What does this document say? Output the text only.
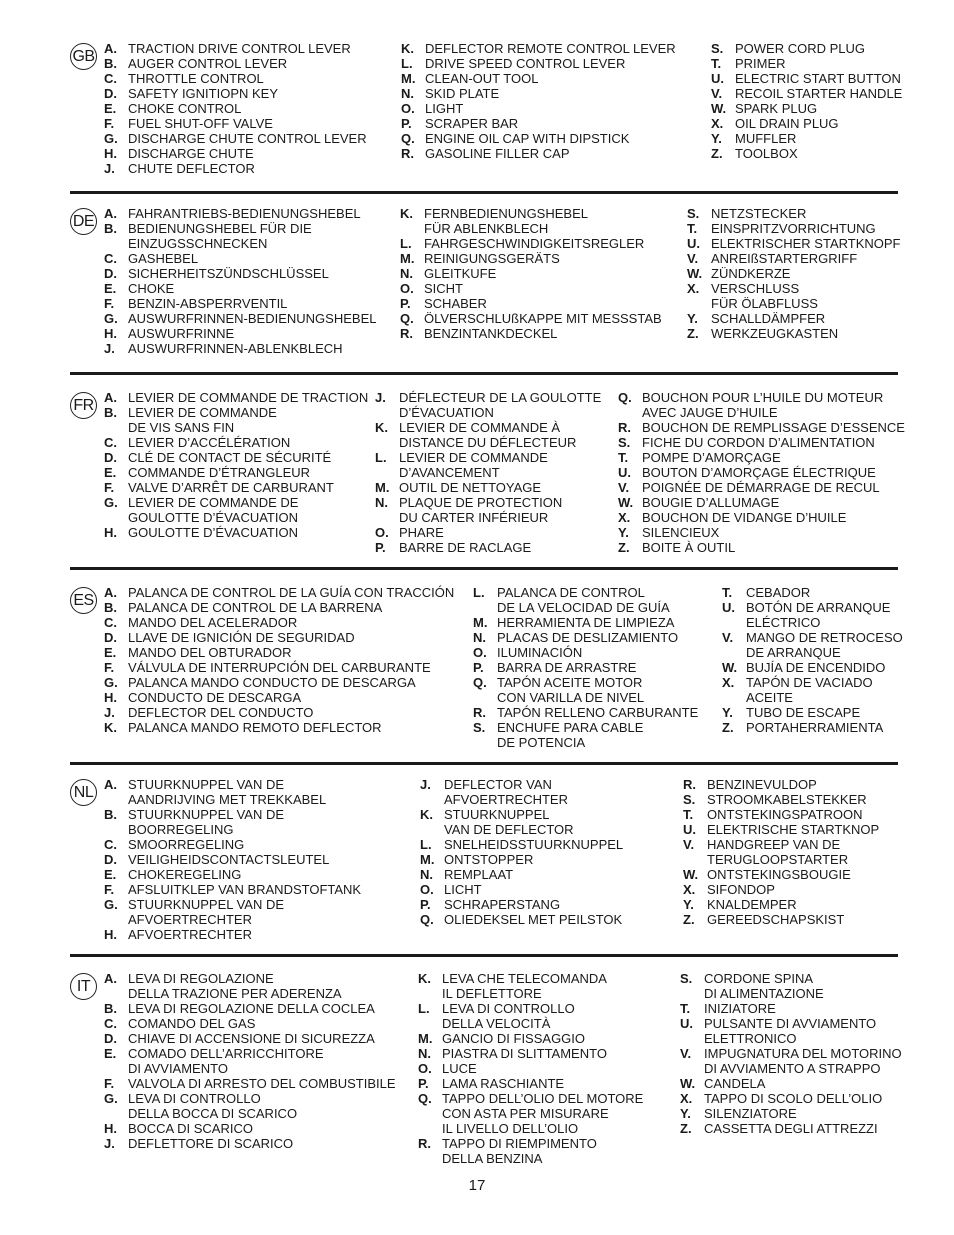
GB A. TRACTION DRIVE CONTROL LEVER
B. AUGER CONTROL LEVER
C. THROTTLE CONTROL
D. SAFETY IGNITIOPN KEY
E. CHOKE CONTROL
F.	FUEL SHUT-OFF VALVE
G. DISCHARGE CHUTE CONTROL LEVER
H. DISCHARGE CHUTE
J.	CHUTE DEFLECTOR
K. DEFLECTOR REMOTE CONTROL LEVER
L. DRIVE SPEED CONTROL LEVER
M. CLEAN-OUT TOOL
N. SKID PLATE
O. LIGHT
P.	SCRAPER BAR
Q. ENGINE OIL CAP WITH DIPSTICK
R. GASOLINE FILLER CAP
S. POWER CORD PLUG
T.	PRIMER
U. ELECTRIC START BUTTON
V. RECOIL STARTER HANDLE
W. SPARK PLUG
X. OIL DRAIN PLUG
Y.	MUFFLER
Z. TOOLBOX
DE A. FAHRANTRIEBS-BEDIENUNGSHEBEL
B. BEDIENUNGSHEBEL FÜR DIE
EINZUGSSCHNECKEN
C. GASHEBEL
D. SICHERHEITSZÜNDSCHLÜSSEL
E. CHOKE
F.	BENZIN-ABSPERRVENTIL
G. AUSWURFRINNEN-BEDIENUNGSHEBEL
H. AUSWURFRINNE
J.	AUSWURFRINNEN-ABLENKBLECH
K. FERNBEDIENUNGSHEBEL
FÜR ABLENKBLECH
L. FAHRGESCHWINDIGKEITSREGLER
M. REINIGUNGSGERÄTS
N. GLEITKUFE
O. SICHT
P.	SCHABER
Q. ÖLVERSCHLUßKAPPE MIT MESSSTAB
R. BENZINTANKDECKEL
S. NETZSTECKER
T.	EINSPRITZVORRICHTUNG
U. ELEKTRISCHER STARTKNOPF
V. ANREIßSTARTERGRIFF
W. ZÜNDKERZE
X. VERSCHLUSS
FÜR ÖLABFLUSS
Y.	SCHALLDÄMPFER
Z. WERKZEUGKASTEN
FR A. LEVIER DE COMMANDE DE TRACTION
B. LEVIER DE COMMANDE
DE VIS SANS FIN
C. LEVIER D’ACCÉLÉRATION
D. CLÉ DE CONTACT DE SÉCURITÉ
E. COMMANDE D’ÉTRANGLEUR
F.	VALVE D’ARRÊT DE CARBURANT
G. LEVIER DE COMMANDE DE
GOULOTTE D’ÉVACUATION
H. GOULOTTE D’ÉVACUATION
J.	DÉFLECTEUR DE LA GOULOTTE
D’ÉVACUATION
K. LEVIER DE COMMANDE À
DISTANCE DU DÉFLECTEUR
L. LEVIER DE COMMANDE
D’AVANCEMENT
M. OUTIL DE NETTOYAGE
N. PLAQUE DE PROTECTION
DU CARTER INFÉRIEUR
O. PHARE
P.	BARRE DE RACLAGE
Q. BOUCHON POUR L’HUILE DU MOTEUR
AVEC JAUGE D’HUILE
R. BOUCHON DE REMPLISSAGE D’ESSENCE
S. FICHE DU CORDON D’ALIMENTATION
T.	POMPE D’AMORÇAGE
U. BOUTON D’AMORÇAGE ÉLECTRIQUE
V. POIGNÉE DE DÉMARRAGE DE RECUL
W. BOUGIE D’ALLUMAGE
X. BOUCHON DE VIDANGE D’HUILE
Y.	SILENCIEUX
Z. BOITE À OUTIL
ES A. PALANCA DE CONTROL DE LA GUÍA CON TRACCIÓN
B. PALANCA DE CONTROL DE LA BARRENA
C. MANDO DEL ACELERADOR
D. LLAVE DE IGNICIÓN DE SEGURIDAD
E. MANDO DEL OBTURADOR
F.	VÁLVULA DE INTERRUPCIÓN DEL CARBURANTE
G. PALANCA MANDO CONDUCTO DE DESCARGA
H. CONDUCTO DE DESCARGA
J.	DEFLECTOR DEL CONDUCTO
K. PALANCA MANDO REMOTO DEFLECTOR
L. PALANCA DE CONTROL
DE LA VELOCIDAD DE GUÍA
M. HERRAMIENTA DE LIMPIEZA
N. PLACAS DE DESLIZAMIENTO
O. ILUMINACIÓN
P.	BARRA DE ARRASTRE
Q. TAPÓN ACEITE MOTOR
CON VARILLA DE NIVEL
R. TAPÓN RELLENO CARBURANTE
S. ENCHUFE PARA CABLE
DE POTENCIA
T.	CEBADOR
U. BOTÓN DE ARRANQUE
ELÉCTRICO
V. MANGO DE RETROCESO
DE ARRANQUE
W. BUJÍA DE ENCENDIDO
X. TAPÓN DE VACIADO
ACEITE
Y.	TUBO DE ESCAPE
Z. PORTAHERRAMIENTA
NL A. STUURKNUPPEL VAN DE
AANDRIJVING MET TREKKABEL
B. STUURKNUPPEL VAN DE
BOORREGELING
C. SMOORREGELING
D. VEILIGHEIDSCONTACTSLEUTEL
E. CHOKEREGELING
F.	AFSLUITKLEP VAN BRANDSTOFTANK
G. STUURKNUPPEL VAN DE
AFVOERTRECHTER
H. AFVOERTRECHTER
J.	DEFLECTOR VAN
AFVOERTRECHTER
K. STUURKNUPPEL
VAN DE DEFLECTOR
L. SNELHEIDSSTUURKNUPPEL
M. ONTSTOPPER
N. REMPLAAT
O. LICHT
P.	SCHRAPERSTANG
Q. OLIEDEKSEL MET PEILSTOK
R. BENZINEVULDOP
S. STROOMKABELSTEKKER
T.	ONTSTEKINGSPATROON
U. ELEKTRISCHE STARTKNOP
V. HANDGREEP VAN DE
TERUGLOOPSTARTER
W. ONTSTEKINGSBOUGIE
X. SIFONDOP
Y.	KNALDEMPER
Z. GEREEDSCHAPSKIST
IT	A. LEVA DI REGOLAZIONE
DELLA TRAZIONE PER ADERENZA
B. LEVA DI REGOLAZIONE DELLA COCLEA
C. COMANDO DEL GAS
D. CHIAVE DI ACCENSIONE DI SICUREZZA
E. COMADO DELL’ARRICCHITORE
DI AVVIAMENTO
F.	VALVOLA DI ARRESTO DEL COMBUSTIBILE
G. LEVA DI CONTROLLO
DELLA BOCCA DI SCARICO
H. BOCCA DI SCARICO
J.	DEFLETTORE DI SCARICO
K. LEVA CHE TELECOMANDA
IL DEFLETTORE
L. LEVA DI CONTROLLO
DELLA VELOCITÀ
M. GANCIO DI FISSAGGIO
N. PIASTRA DI SLITTAMENTO
O. LUCE
P.	LAMA RASCHIANTE
Q. TAPPO DELL’OLIO DEL MOTORE
CON ASTA PER MISURARE
IL LIVELLO DELL’OLIO
R. TAPPO DI RIEMPIMENTO
DELLA BENZINA
S. CORDONE SPINA
DI ALIMENTAZIONE
T.	INIZIATORE
U. PULSANTE DI AVVIAMENTO
ELETTRONICO
V. IMPUGNATURA DEL MOTORINO
DI AVVIAMENTO A STRAPPO
W. CANDELA
X. TAPPO DI SCOLO DELL’OLIO
Y.	SILENZIATORE
Z. CASSETTA DEGLI ATTREZZI
17
